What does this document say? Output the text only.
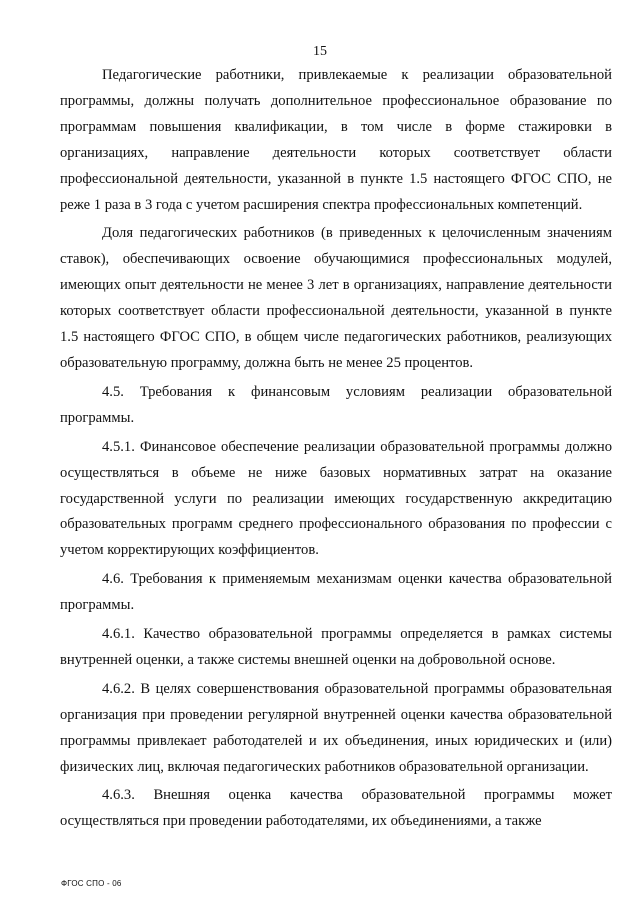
15

Педагогические работники, привлекаемые к реализации образовательной программы, должны получать дополнительное профессиональное образование по программам повышения квалификации, в том числе в форме стажировки в организациях, направление деятельности которых соответствует области профессиональной деятельности, указанной в пункте 1.5 настоящего ФГОС СПО, не реже 1 раза в 3 года с учетом расширения спектра профессиональных компетенций.

Доля педагогических работников (в приведенных к целочисленным значениям ставок), обеспечивающих освоение обучающимися профессиональных модулей, имеющих опыт деятельности не менее 3 лет в организациях, направление деятельности которых соответствует области профессиональной деятельности, указанной в пункте 1.5 настоящего ФГОС СПО, в общем числе педагогических работников, реализующих образовательную программу, должна быть не менее 25 процентов.

4.5. Требования к финансовым условиям реализации образовательной программы.

4.5.1. Финансовое обеспечение реализации образовательной программы должно осуществляться в объеме не ниже базовых нормативных затрат на оказание государственной услуги по реализации имеющих государственную аккредитацию образовательных программ среднего профессионального образования по профессии с учетом корректирующих коэффициентов.

4.6. Требования к применяемым механизмам оценки качества образовательной программы.

4.6.1. Качество образовательной программы определяется в рамках системы внутренней оценки, а также системы внешней оценки на добровольной основе.

4.6.2. В целях совершенствования образовательной программы образовательная организация при проведении регулярной внутренней оценки качества образовательной программы привлекает работодателей и их объединения, иных юридических и (или) физических лиц, включая педагогических работников образовательной организации.

4.6.3. Внешняя оценка качества образовательной программы может осуществляться при проведении работодателями, их объединениями, а также

ФГОС СПО - 06
